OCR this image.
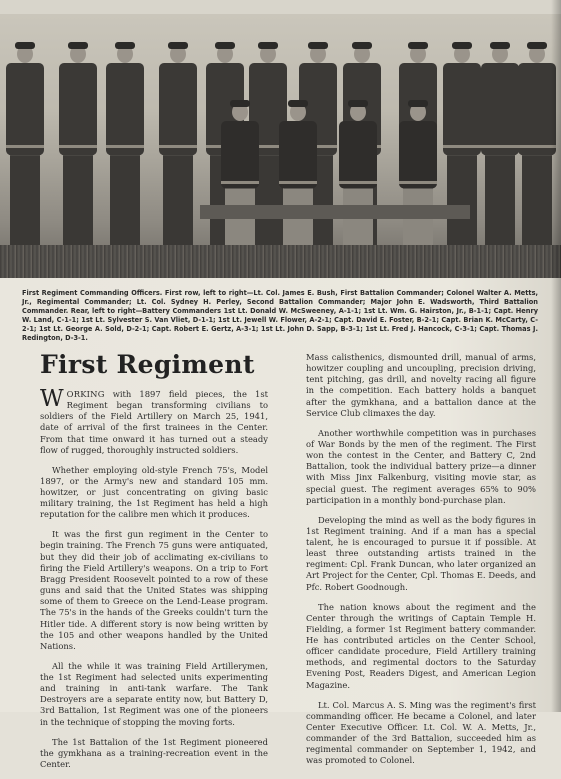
First Regiment Commanding Officers. First row, left to right—Lt. Col. James E. Bush, First Battalion Commander; Colonel Walter A. Metts, Jr., Regimental Commander; Lt. Col. Sydney H. Perley, Second Battalion Commander; Major John E. Wadsworth, Third Battalion Commander. Rear, left to right—Battery Commanders 1st Lt. Donald W. McSweeney, A-1-1; 1st Lt. Wm. G. Hairston, Jr., B-1-1; Capt. Henry W. Land, C-1-1; 1st Lt. Sylvester S. Van Vliet, D-1-1; 1st Lt. Jewell W. Flower, A-2-1; Capt. David E. Foster, B-2-1; Capt. Brian K. McCarty, C-2-1; 1st Lt. George A. Sold, D-2-1; Capt. Robert E. Gertz, A-3-1; 1st Lt. John D. Sapp, B-3-1; 1st Lt. Fred J. Hancock, C-3-1; Capt. Thomas J. Redington, D-3-1.

First Regiment

WORKING with 1897 field pieces, the 1st Regiment began transforming civilians to soldiers of the Field Artillery on March 25, 1941, date of arrival of the first trainees in the Center. From that time onward it has turned out a steady flow of rugged, thoroughly instructed soldiers.

Whether employing old-style French 75's, Model 1897, or the Army's new and standard 105 mm. howitzer, or just concentrating on giving basic military training, the 1st Regiment has held a high reputation for the calibre men which it produces.

It was the first gun regiment in the Center to begin training. The French 75 guns were antiquated, but they did their job of acclimating ex-civilians to firing the Field Artillery's weapons. On a trip to Fort Bragg President Roosevelt pointed to a row of these guns and said that the United States was shipping some of them to Greece on the Lend-Lease program. The 75's in the hands of the Greeks couldn't turn the Hitler tide. A different story is now being written by the 105 and other weapons handled by the United Nations.

All the while it was training Field Artillerymen, the 1st Regiment had selected units experimenting and training in anti-tank warfare. The Tank Destroyers are a separate entity now, but Battery D, 3rd Battalion, 1st Regiment was one of the pioneers in the technique of stopping the moving forts.

The 1st Battalion of the 1st Regiment pioneered the gymkhana as a training-recreation event in the Center.

Mass calisthenics, dismounted drill, manual of arms, howitzer coupling and uncoupling, precision driving, tent pitching, gas drill, and novelty racing all figure in the competition. Each battery holds a banquet after the gymkhana, and a battalion dance at the Service Club climaxes the day.

Another worthwhile competition was in purchases of War Bonds by the men of the regiment. The First won the contest in the Center, and Battery C, 2nd Battalion, took the individual battery prize—a dinner with Miss Jinx Falkenburg, visiting movie star, as special guest. The regiment averages 65% to 90% participation in a monthly bond-purchase plan.

Developing the mind as well as the body figures in 1st Regiment training. And if a man has a special talent, he is encouraged to pursue it if possible. At least three outstanding artists trained in the regiment: Cpl. Frank Duncan, who later organized an Art Project for the Center, Cpl. Thomas E. Deeds, and Pfc. Robert Goodnough.

The nation knows about the regiment and the Center through the writings of Captain Temple H. Fielding, a former 1st Regiment battery commander. He has contributed articles on the Center School, officer candidate procedure, Field Artillery training methods, and regimental doctors to the Saturday Evening Post, Readers Digest, and American Legion Magazine.

Lt. Col. Marcus A. S. Ming was the regiment's first commanding officer. He became a Colonel, and later Center Executive Officer. Lt. Col. W. A. Metts, Jr., commander of the 3rd Battalion, succeeded him as regimental commander on September 1, 1942, and was promoted to Colonel.
